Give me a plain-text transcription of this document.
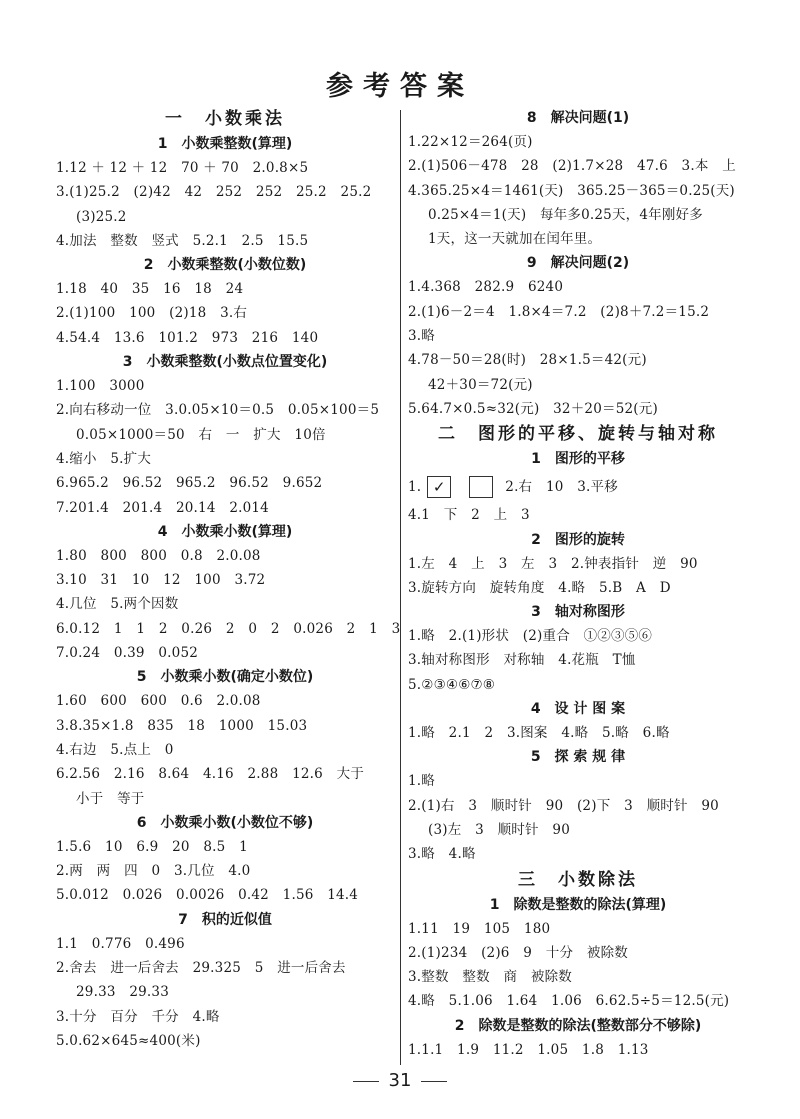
参考答案
一　小数乘法
1　小数乘整数(算理)
1.12 ＋ 12 ＋ 12　70 ＋ 70　2.0.8×5
3.(1)25.2　(2)42　42　252　252　25.2　25.2
(3)25.2
4.加法　整数　竖式　5.2.1　2.5　15.5
2　小数乘整数(小数位数)
1.18　40　35　16　18　24
2.(1)100　100　(2)18　3.右
4.54.4　13.6　101.2　973　216　140
3　小数乘整数(小数点位置变化)
1.100　3000
2.向右移动一位　3.0.05×10＝0.5　0.05×100＝5
0.05×1000＝50　右　一　扩大　10倍
4.缩小　5.扩大
6.965.2　96.52　965.2　96.52　9.652
7.201.4　201.4　20.14　2.014
4　小数乘小数(算理)
1.80　800　800　0.8　2.0.08
3.10　31　10　12　100　3.72
4.几位　5.两个因数
6.0.12　1　1　2　0.26　2　0　2　0.026　2　1　3
7.0.24　0.39　0.052
5　小数乘小数(确定小数位)
1.60　600　600　0.6　2.0.08
3.8.35×1.8　835　18　1000　15.03
4.右边　5.点上　0
6.2.56　2.16　8.64　4.16　2.88　12.6　大于
小于　等于
6　小数乘小数(小数位不够)
1.5.6　10　6.9　20　8.5　1
2.两　两　四　0　3.几位　4.0
5.0.012　0.026　0.0026　0.42　1.56　14.4
7　积的近似值
1.1　0.776　0.496
2.舍去　进一后舍去　29.325　5　进一后舍去
29.33　29.33
3.十分　百分　千分　4.略
5.0.62×645≈400(米)
8　解决问题(1)
1.22×12＝264(页)
2.(1)506－478　28　(2)1.7×28　47.6　3.本　上
4.365.25×4＝1461(天)　365.25－365＝0.25(天)
0.25×4＝1(天)　每年多0.25天，4年刚好多
1天，这一天就加在闰年里。
9　解决问题(2)
1.4.368　282.9　6240
2.(1)6－2＝4　1.8×4＝7.2　(2)8＋7.2＝15.2
3.略
4.78－50＝28(时)　28×1.5＝42(元)
42＋30＝72(元)
5.64.7×0.5≈32(元)　32＋20＝52(元)
二　图形的平移、旋转与轴对称
1　图形的平移
1. ✓	2.右　10　3.平移
4.1　下　2　上　3
2　图形的旋转
1.左　4　上　3　左　3　2.钟表指针　逆　90
3.旋转方向　旋转角度　4.略　5.B　A　D
3　轴对称图形
1.略　2.(1)形状　(2)重合　①②③⑤⑥
3.轴对称图形　对称轴　4.花瓶　T恤
5.②③④⑥⑦⑧
4　设 计 图 案
1.略　2.1　2　3.图案　4.略　5.略　6.略
5　探 索 规 律
1.略
2.(1)右　3　顺时针　90　(2)下　3　顺时针　90
(3)左　3　顺时针　90
3.略　4.略
三　小数除法
1　除数是整数的除法(算理)
1.11　19　105　180
2.(1)234　(2)6　9　十分　被除数
3.整数　整数　商　被除数
4.略　5.1.06　1.64　1.06　6.62.5÷5＝12.5(元)
2　除数是整数的除法(整数部分不够除)
1.1.1　1.9　11.2　1.05　1.8　1.13
31
